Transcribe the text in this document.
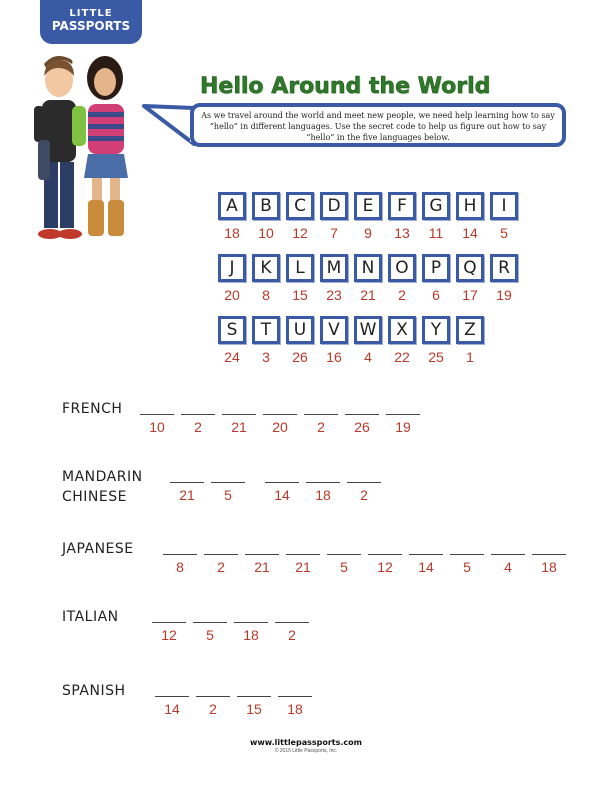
LITTLE
PASSPORTS
Hello Around the World
As we travel around the world and meet new people, we need help learning how to say “hello” in different languages. Use the secret code to help us figure out how to say “hello” in the five languages below.
A
18
B
10
C
12
D
7
E
9
F
13
G
11
H
14
I
5
J
20
K
8
L
15
M
23
N
21
O
2
P
6
Q
17
R
19
S
24
T
3
U
26
V
16
W
4
X
22
Y
25
Z
1
FRENCH
10	2	21	20	2	26	19
MANDARIN
CHINESE	21	5	14	18	2
JAPANESE
8	2	21	21	5	12	14	5	4	18
ITALIAN
12	5	18	2
SPANISH
14	2	15	18
www.littlepassports.com
© 2015 Little Passports, Inc.
